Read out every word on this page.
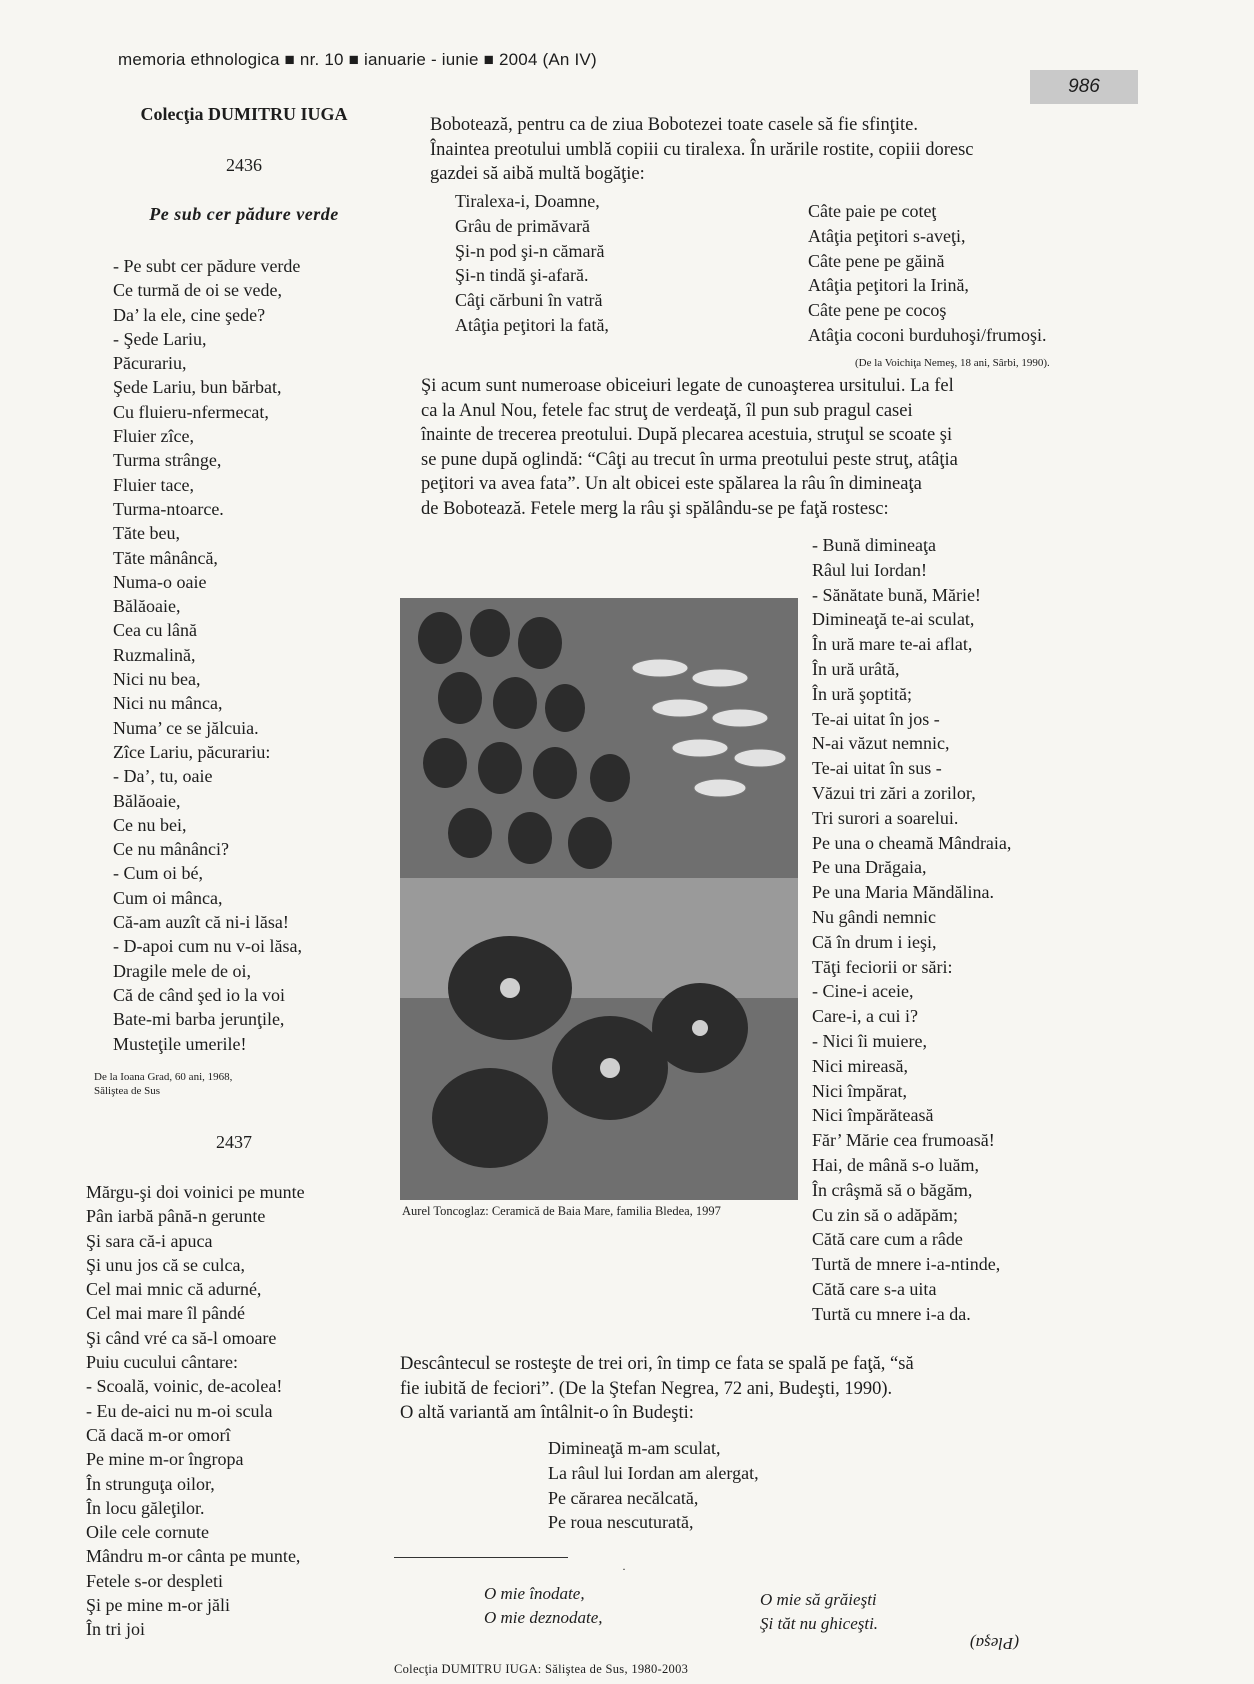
memoria ethnologica ■ nr. 10 ■ ianuarie - iunie ■ 2004 (An IV)
986
Colecţia DUMITRU IUGA
2436
Pe sub cer pădure verde
- Pe subt cer pădure verde
Ce turmă de oi se vede,
Da’ la ele, cine şede?
- Şede Lariu,
Păcurariu,
Şede Lariu, bun bărbat,
Cu fluieru-nfermecat,
Fluier zîce,
Turma strânge,
Fluier tace,
Turma-ntoarce.
Tăte beu,
Tăte mânâncă,
Numa-o oaie
Bălăoaie,
Cea cu lână
Ruzmalină,
Nici nu bea,
Nici nu mânca,
Numa’ ce se jălcuia.
Zîce Lariu, păcurariu:
- Da’, tu, oaie
Bălăoaie,
Ce nu bei,
Ce nu mânânci?
- Cum oi bé,
Cum oi mânca,
Că-am auzît că ni-i lăsa!
- D-apoi cum nu v-oi lăsa,
Dragile mele de oi,
Că de când şed io la voi
Bate-mi barba jerunţile,
Musteţile umerile!
De la Ioana Grad, 60 ani, 1968,
Săliştea de Sus
2437
Mărgu-şi doi voinici pe munte
Pân iarbă până-n gerunte
Şi sara că-i apuca
Şi unu jos că se culca,
Cel mai mnic că adurné,
Cel mai mare îl pândé
Şi când vré ca să-l omoare
Puiu cucului cântare:
- Scoală, voinic, de-acolea!
- Eu de-aici nu m-oi scula
Că dacă m-or omorî
Pe mine m-or îngropa
În strunguţa oilor,
În locu găleţilor.
Oile cele cornute
Mândru m-or cânta pe munte,
Fetele s-or despleti
Şi pe mine m-or jăli
În tri joi
Bobotează, pentru ca de ziua Bobotezei toate casele să fie sfinţite.
Înaintea preotului umblă copiii cu tiralexa. În urările rostite, copiii doresc
gazdei să aibă multă bogăţie:
Tiralexa-i, Doamne,
Grâu de primăvară
Şi-n pod şi-n cămară
Şi-n tindă şi-afară.
Câţi cărbuni în vatră
Atâţia peţitori la fată,
Câte paie pe coteţ
Atâţia peţitori s-aveţi,
Câte pene pe găină
Atâţia peţitori la Irină,
Câte pene pe cocoş
Atâţia coconi burduhoşi/frumoşi.
(De la Voichiţa Nemeş, 18 ani, Sârbi, 1990).
Şi acum sunt numeroase obiceiuri legate de cunoaşterea ursitului. La fel
ca la Anul Nou, fetele fac struţ de verdeaţă, îl pun sub pragul casei
înainte de trecerea preotului. După plecarea acestuia, struţul se scoate şi
se pune după oglindă: “Câţi au trecut în urma preotului peste struţ, atâţia
peţitori va avea fata”. Un alt obicei este spălarea la râu în dimineaţa
de Bobotează. Fetele merg la râu şi spălându-se pe faţă rostesc:
- Bună dimineaţa
Râul lui Iordan!
- Sănătate bună, Mărie!
Dimineaţă te-ai sculat,
În ură mare te-ai aflat,
În ură urâtă,
În ură şoptită;
Te-ai uitat în jos -
N-ai văzut nemnic,
Te-ai uitat în sus -
Văzui tri zări a zorilor,
Tri surori a soarelui.
Pe una o cheamă Mândraia,
Pe una Drăgaia,
Pe una Maria Măndălina.
Nu gândi nemnic
Că în drum i ieşi,
Tăţi feciorii or sări:
- Cine-i aceie,
Care-i, a cui i?
- Nici îi muiere,
Nici mireasă,
Nici împărat,
Nici împărăteasă
Făr’ Mărie cea frumoasă!
Hai, de mână s-o luăm,
În crâşmă să o băgăm,
Cu zin să o adăpăm;
Cătă care cum a râde
Turtă de mnere i-a-ntinde,
Cătă care s-a uita
Turtă cu mnere i-a da.
Aurel Toncoglaz: Ceramică de Baia Mare, familia Bledea, 1997
Descântecul se rosteşte de trei ori, în timp ce fata se spală pe faţă, “să
fie iubită de feciori”. (De la Ştefan Negrea, 72 ani, Budeşti, 1990).
O altă variantă am întâlnit-o în Budeşti:
Dimineaţă m-am sculat,
La râul lui Iordan am alergat,
Pe cărarea necălcată,
Pe roua nescuturată,
·
O mie înodate,
O mie deznodate,
O mie să grăieşti
Şi tăt nu ghiceşti.
Colecţia DUMITRU IUGA: Sălişteа de Sus, 1980-2003
(Pleşa)
